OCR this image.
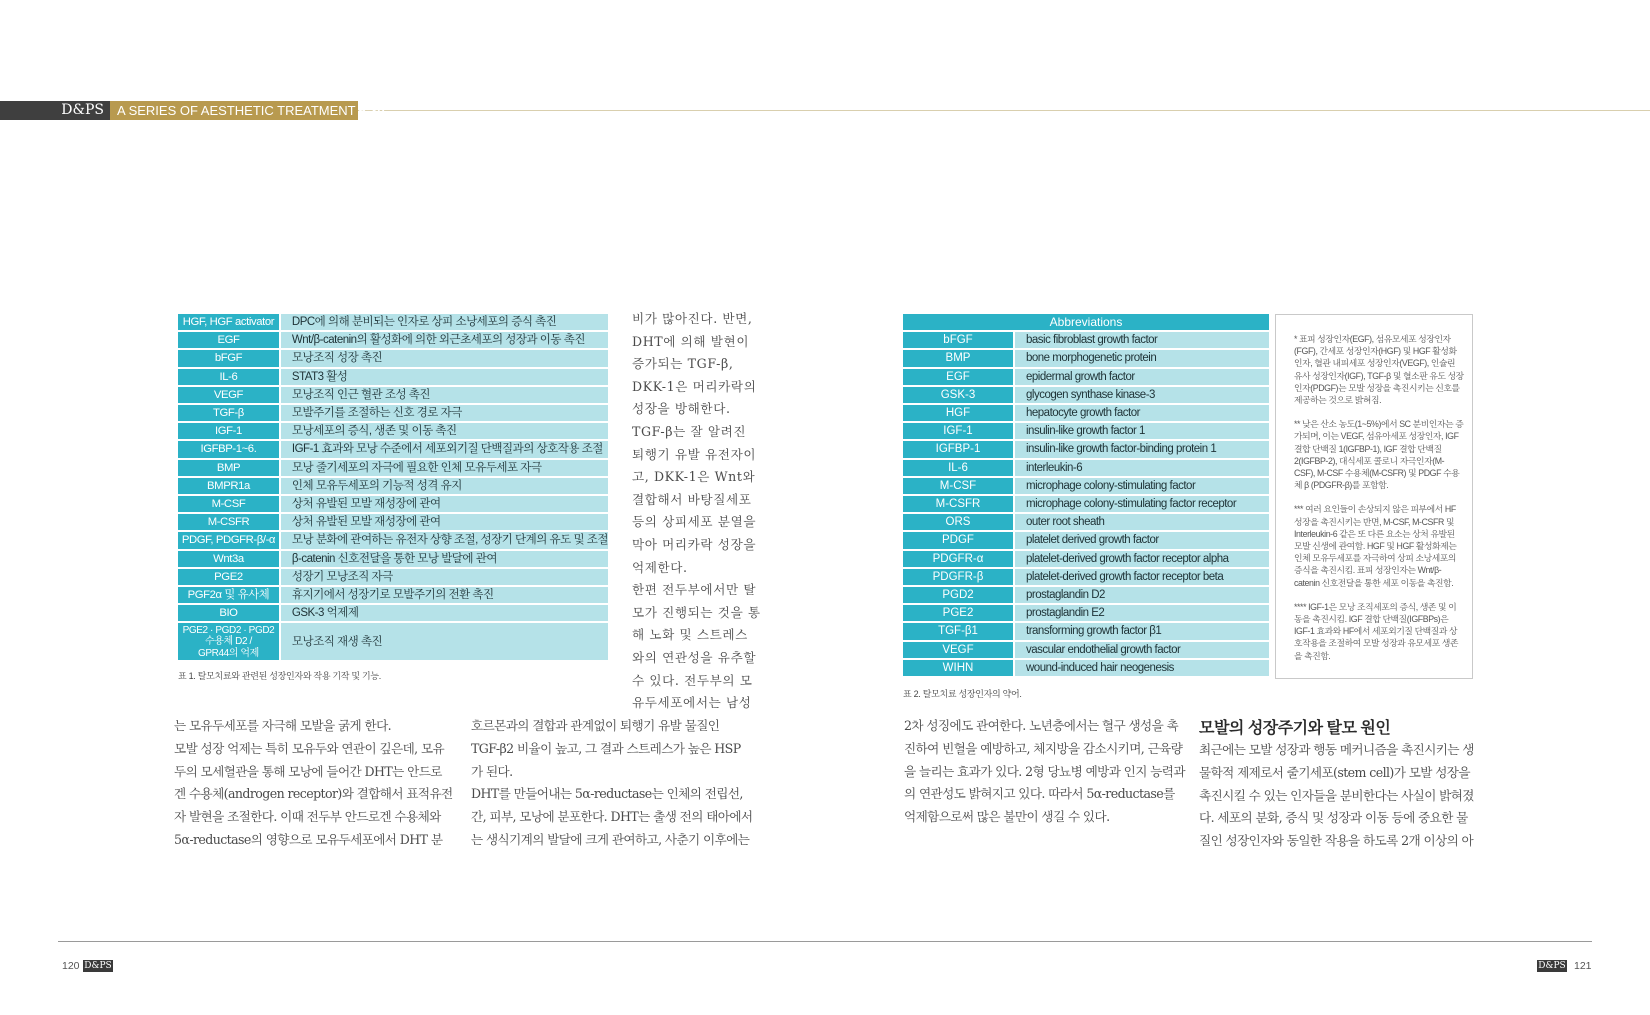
D&PS	A SERIES OF AESTHETIC TREATMENT 6-30
HGF, HGF activator	DPC에 의해 분비되는 인자로 상피 소낭세포의 증식 촉진
EGF	Wnt/β-catenin의 활성화에 의한 외근초세포의 성장과 이동 촉진
bFGF	모낭조직 성장 촉진
IL-6	STAT3 활성
VEGF	모낭조직 인근 혈관 조성 촉진
TGF-β	모발주기를 조절하는 신호 경로 자극
IGF-1	모낭세포의 증식, 생존 및 이동 촉진
IGFBP-1~6.	IGF-1 효과와 모낭 수준에서 세포외기질 단백질과의 상호작용 조절
BMP	모낭 줄기세포의 자극에 필요한 인체 모유두세포 자극
BMPR1a	인체 모유두세포의 기능적 성격 유지
M-CSF	상처 유발된 모발 재성장에 관여
M-CSFR	상처 유발된 모발 재성장에 관여
PDGF, PDGFR-β/-α	모낭 분화에 관여하는 유전자 상향 조절, 성장기 단계의 유도 및 조절
Wnt3a	β-catenin 신호전달을 통한 모낭 발달에 관여
PGE2	성장기 모낭조직 자극
PGF2α 및 유사체	휴지기에서 성장기로 모발주기의 전환 촉진
BIO	GSK-3 억제제

PGE2 · PGD2 · PGD2
수용체 D2 /
GPR44의 억제	모낭조직 재생 촉진
표 1. 탈모치료와 관련된 성장인자와 작용 기작 및 기능.
Abbreviations	
bFGF	basic fibroblast growth factor
BMP	bone morphogenetic protein
EGF	epidermal growth factor
GSK-3	glycogen synthase kinase-3
HGF	hepatocyte growth factor
IGF-1	insulin-like growth factor 1
IGFBP-1	insulin-like growth factor-binding protein 1
IL-6	interleukin-6
M-CSF	microphage colony-stimulating factor
M-CSFR	microphage colony-stimulating factor receptor
ORS	outer root sheath
PDGF	platelet derived growth factor
PDGFR-α	platelet-derived growth factor receptor alpha
PDGFR-β	platelet-derived growth factor receptor beta
PGD2	prostaglandin D2
PGE2	prostaglandin E2
TGF-β1	transforming growth factor β1
VEGF	vascular endothelial growth factor
WIHN	wound-induced hair neogenesis
표 2. 탈모치료 성장인자의 약어.

* 표피 성장인자(EGF), 섬유모세포 성장인자(FGF), 간세포 성장인자(HGF) 및 HGF 활성화 인자, 혈관 내피세포 성장인자(VEGF), 인슐린 유사 성장인자(IGF), TGF-β 및 혈소판 유도 성장인자(PDGF)는 모발 성장을 촉진시키는 신호를 제공하는 것으로 밝혀짐.

** 낮은 산소 농도(1~5%)에서 SC 분비인자는 증가되며, 이는 VEGF, 섬유아세포 성장인자, IGF 결합 단백질 1(IGFBP-1), IGF 결합 단백질 2(IGFBP-2), 대식세포 콜로니 자극인자(M-CSF), M-CSF 수용체(M-CSFR) 및 PDGF 수용체 β (PDGFR-β)를 포함함.

*** 여러 요인들이 손상되지 않은 피부에서 HF 성장을 촉진시키는 반면, M-CSF, M-CSFR 및 Interleukin-6 같은 또 다른 요소는 상처 유발된 모발 신생에 관여함. HGF 및 HGF 활성화제는 인체 모유두세포를 자극하여 상피 소낭세포의 증식을 촉진시킴. 표피 성장인자는 Wnt/β-catenin 신호전달을 통한 세포 이동을 촉진함.

**** IGF-1은 모낭 조직세포의 증식, 생존 및 이동을 촉진시킴. IGF 결합 단백질(IGFBPs)은 IGF-1 효과와 HF에서 세포외기질 단백질과 상호작용을 조절하여 모발 성장과 유모세포 생존을 촉진함.

비가 많아진다. 반면,
DHT에 의해 발현이
증가되는 TGF-β,
DKK-1은 머리카락의
성장을 방해한다.
TGF-β는 잘 알려진
퇴행기 유발 유전자이
고, DKK-1은 Wnt와
결합해서 바탕질세포
등의 상피세포 분열을
막아 머리카락 성장을
억제한다.
한편 전두부에서만 탈
모가 진행되는 것을 통
해 노화 및 스트레스
와의 연관성을 유추할
수 있다. 전두부의 모
유두세포에서는 남성
는 모유두세포를 자극해 모발을 굵게 한다.
모발 성장 억제는 특히 모유두와 연관이 깊은데, 모유
두의 모세혈관을 통해 모낭에 들어간 DHT는 안드로
겐 수용체(androgen receptor)와 결합해서 표적유전
자 발현을 조절한다. 이때 전두부 안드로겐 수용체와
5α-reductase의 영향으로 모유두세포에서 DHT 분
호르몬과의 결합과 관계없이 퇴행기 유발 물질인
TGF-β2 비율이 높고, 그 결과 스트레스가 높은 HSP
가 된다.
DHT를 만들어내는 5α-reductase는 인체의 전립선,
간, 피부, 모낭에 분포한다. DHT는 출생 전의 태아에서
는 생식기계의 발달에 크게 관여하고, 사춘기 이후에는
2차 성징에도 관여한다. 노년층에서는 혈구 생성을 촉
진하여 빈혈을 예방하고, 체지방을 감소시키며, 근육량
을 늘리는 효과가 있다. 2형 당뇨병 예방과 인지 능력과
의 연관성도 밝혀지고 있다. 따라서 5α-reductase를
억제함으로써 많은 불만이 생길 수 있다.
모발의 성장주기와 탈모 원인
최근에는 모발 성장과 행동 메커니즘을 촉진시키는 생
물학적 제제로서 줄기세포(stem cell)가 모발 성장을
촉진시킬 수 있는 인자들을 분비한다는 사실이 밝혀졌
다. 세포의 분화, 증식 및 성장과 이동 등에 중요한 물
질인 성장인자와 동일한 작용을 하도록 2개 이상의 아
120 D&PS	D&PS 121
